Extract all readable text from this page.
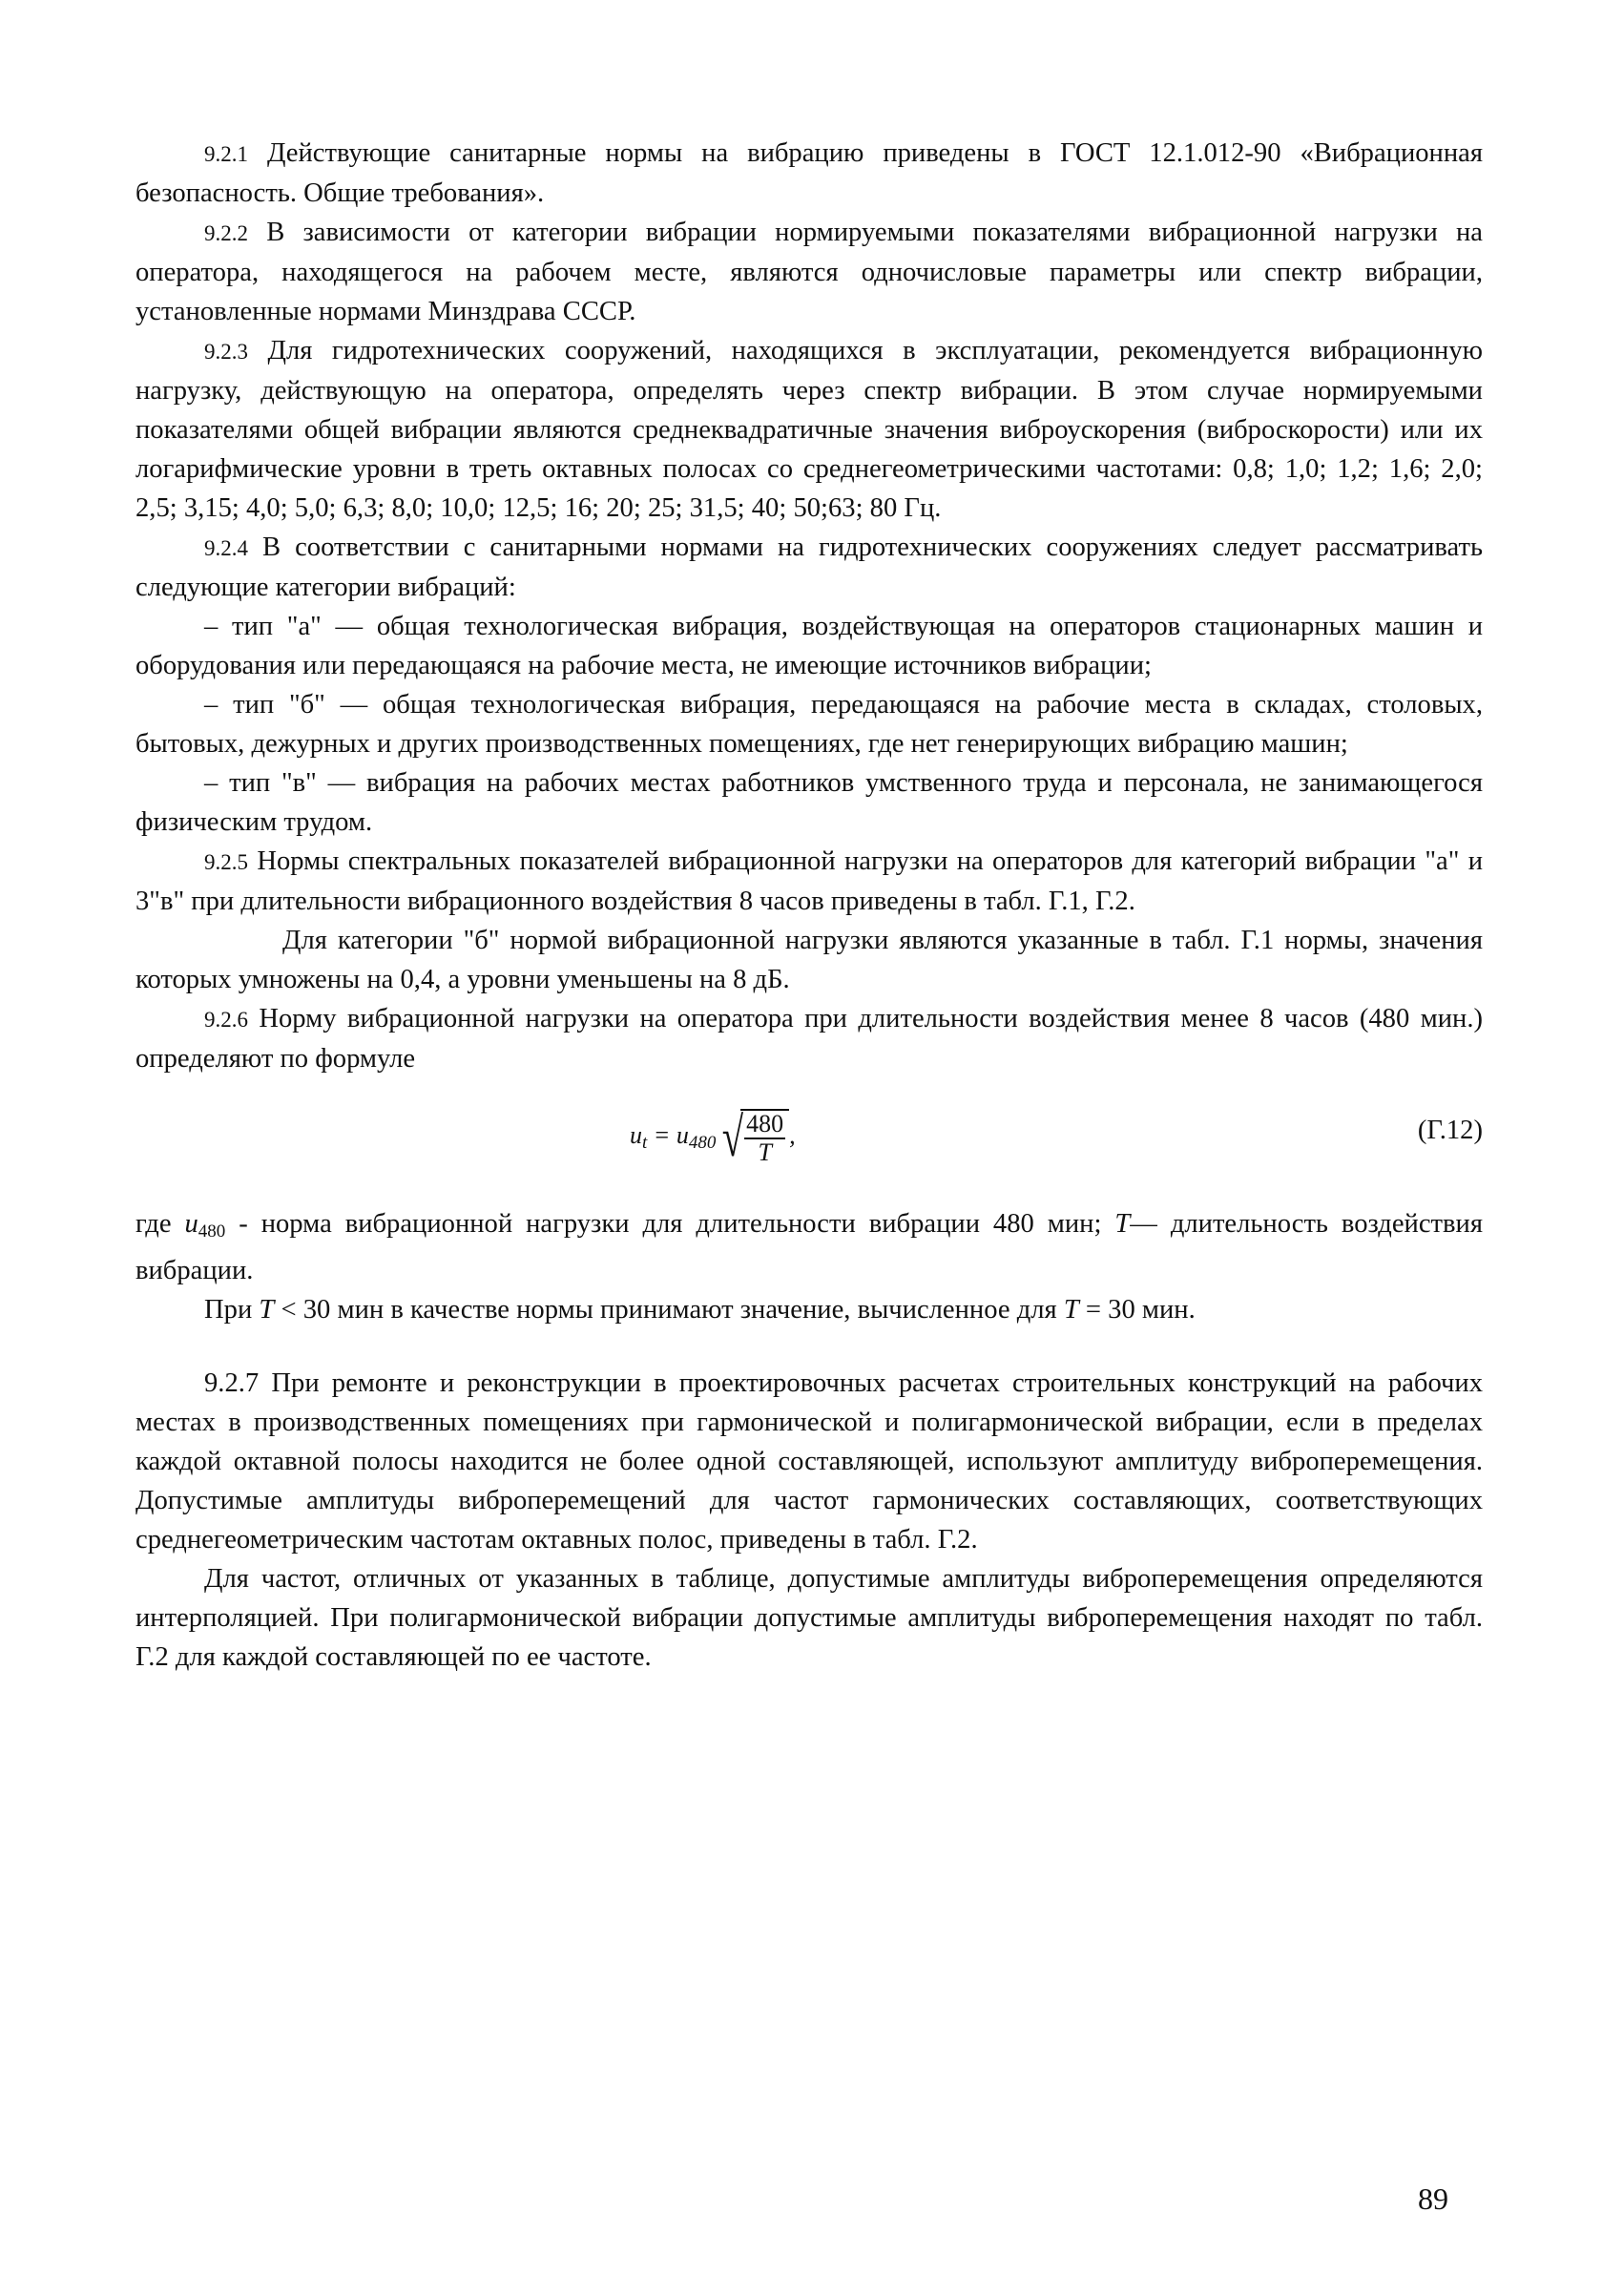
9.2.1 Действующие санитарные нормы на вибрацию приведены в ГОСТ 12.1.012-90 «Вибрационная безопасность. Общие требования».

9.2.2 В зависимости от категории вибрации нормируемыми показателями вибрационной нагрузки на оператора, находящегося на рабочем месте, являются одночисловые параметры или спектр вибрации, установленные нормами Минздрава СССР.

9.2.3 Для гидротехнических сооружений, находящихся в эксплуатации, рекомендуется вибрационную нагрузку, действующую на оператора, определять через спектр вибрации. В этом случае нормируемыми показателями общей вибрации являются среднеквадратичные значения виброускорения (виброскорости) или их логарифмические уровни в треть октавных полосах со среднегеометрическими частотами: 0,8; 1,0; 1,2; 1,6; 2,0; 2,5; 3,15; 4,0; 5,0; 6,3; 8,0; 10,0; 12,5; 16; 20; 25; 31,5; 40; 50;63; 80 Гц.

9.2.4 В соответствии с санитарными нормами на гидротехнических сооружениях следует рассматривать следующие категории вибраций:

– тип "а" — общая технологическая вибрация, воздействующая на операторов стационарных машин и оборудования или передающаяся на рабочие места, не имеющие источников вибрации;

– тип "б" — общая технологическая вибрация, передающаяся на рабочие места в складах, столовых, бытовых, дежурных и других производственных помещениях, где нет генерирующих вибрацию машин;

– тип "в" — вибрация на рабочих местах работников умственного труда и персонала, не занимающегося физическим трудом.

9.2.5 Нормы спектральных показателей вибрационной нагрузки на операторов для категорий вибрации "а" и 3"в" при длительности вибрационного воздействия 8 часов приведены в табл. Г.1, Г.2.

Для категории "б" нормой вибрационной нагрузки являются указанные в табл. Г.1 нормы, значения которых умножены на 0,4, а уровни уменьшены на 8 дБ.

9.2.6 Норму вибрационной нагрузки на оператора при длительности воздействия менее 8 часов (480 мин.) определяют по формуле

$u_t = u_{480}$ √
$\frac{480}{T}$ ,	(Г.12)

где $u_{480}$ - норма вибрационной нагрузки для длительности вибрации 480 мин; T— длительность воздействия вибрации.

При T < 30 мин в качестве нормы принимают значение, вычисленное для T = 30 мин.

9.2.7 При ремонте и реконструкции в проектировочных расчетах строительных конструкций на рабочих местах в производственных помещениях при гармонической и полигармонической вибрации, если в пределах каждой октавной полосы находится не более одной составляющей, используют амплитуду виброперемещения. Допустимые амплитуды виброперемещений для частот гармонических составляющих, соответствующих среднегеометрическим частотам октавных полос, приведены в табл. Г.2.

Для частот, отличных от указанных в таблице, допустимые амплитуды виброперемещения определяются интерполяцией. При полигармонической вибрации допустимые амплитуды виброперемещения находят по табл. Г.2 для каждой составляющей по ее частоте.

89
